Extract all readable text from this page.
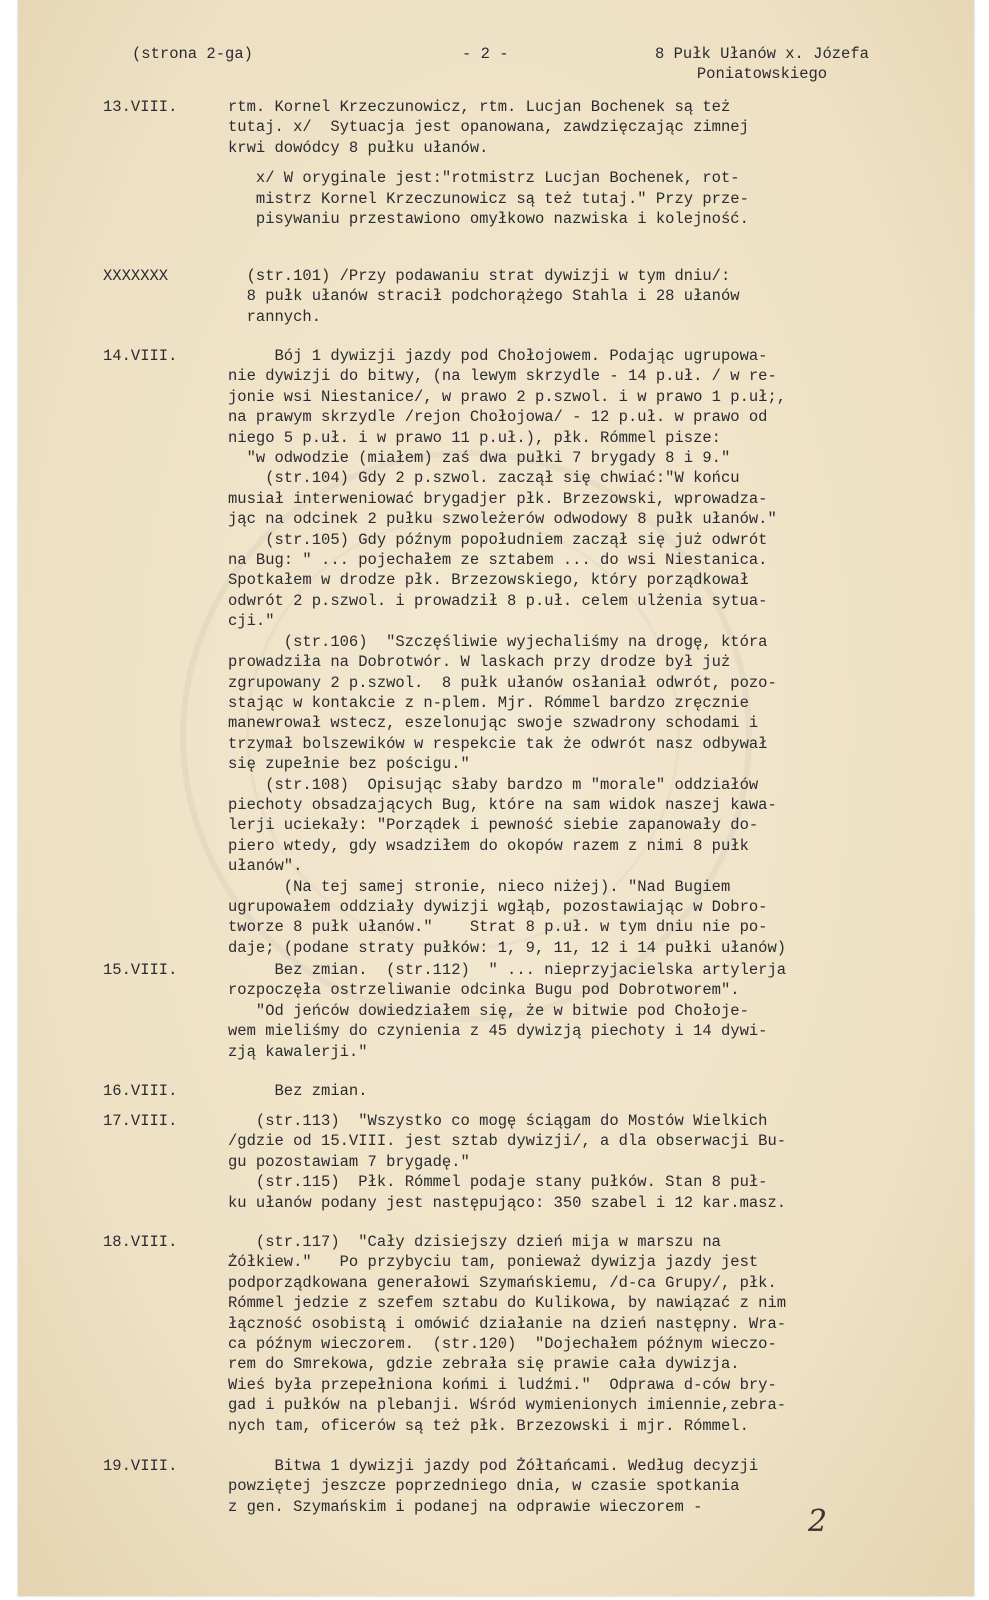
(strona 2-ga)	- 2 -	8 Pułk Ułanów x. Józefa
Poniatowskiego
13.VIII.	rtm. Kornel Krzeczunowicz, rtm. Lucjan Bochenek są też
tutaj. x/  Sytuacja jest opanowana, zawdzięczając zimnej
krwi dowódcy 8 pułku ułanów.
x/ W oryginale jest:"rotmistrz Lucjan Bochenek, rot-
mistrz Kornel Krzeczunowicz są też tutaj." Przy prze-
pisywaniu przestawiono omyłkowo nazwiska i kolejność.
XXXXXXX	(str.101) /Przy podawaniu strat dywizji w tym dniu/:
8 pułk ułanów stracił podchorążego Stahla i 28 ułanów
rannych.
14.VIII.	Bój 1 dywizji jazdy pod Chołojowem. Podając ugrupowa-
nie dywizji do bitwy, (na lewym skrzydle - 14 p.uł. / w re-
jonie wsi Niestanice/, w prawo 2 p.szwol. i w prawo 1 p.uł;,
na prawym skrzydle /rejon Chołojowa/ - 12 p.uł. w prawo od
niego 5 p.uł. i w prawo 11 p.uł.), płk. Rómmel pisze:
"w odwodzie (miałem) zaś dwa pułki 7 brygady 8 i 9."
(str.104) Gdy 2 p.szwol. zaczął się chwiać:"W końcu
musiał interweniować brygadjer płk. Brzezowski, wprowadza-
jąc na odcinek 2 pułku szwoleżerów odwodowy 8 pułk ułanów."
(str.105) Gdy późnym popołudniem zaczął się już odwrót
na Bug: " ... pojechałem ze sztabem ... do wsi Niestanica.
Spotkałem w drodze płk. Brzezowskiego, który porządkował
odwrót 2 p.szwol. i prowadził 8 p.uł. celem ulżenia sytua-
cji."
(str.106)  "Szczęśliwie wyjechaliśmy na drogę, która
prowadziła na Dobrotwór. W laskach przy drodze był już
zgrupowany 2 p.szwol.  8 pułk ułanów osłaniał odwrót, pozo-
stając w kontakcie z n-plem. Mjr. Rómmel bardzo zręcznie
manewrował wstecz, eszelonując swoje szwadrony schodami i
trzymał bolszewików w respekcie tak że odwrót nasz odbywał
się zupełnie bez pościgu."
(str.108)  Opisując słaby bardzo m "morale" oddziałów
piechoty obsadzających Bug, które na sam widok naszej kawa-
lerji uciekały: "Porządek i pewność siebie zapanowały do-
piero wtedy, gdy wsadziłem do okopów razem z nimi 8 pułk
ułanów".
(Na tej samej stronie, nieco niżej). "Nad Bugiem
ugrupowałem oddziały dywizji wgłąb, pozostawiając w Dobro-
tworze 8 pułk ułanów."    Strat 8 p.uł. w tym dniu nie po-
daje; (podane straty pułków: 1, 9, 11, 12 i 14 pułki ułanów)
15.VIII.	Bez zmian.  (str.112)  " ... nieprzyjacielska artylerja
rozpoczęła ostrzeliwanie odcinka Bugu pod Dobrotworem".
"Od jeńców dowiedziałem się, że w bitwie pod Chołoje-
wem mieliśmy do czynienia z 45 dywizją piechoty i 14 dywi-
zją kawalerji."
16.VIII.	Bez zmian.
17.VIII.	(str.113)  "Wszystko co mogę ściągam do Mostów Wielkich
/gdzie od 15.VIII. jest sztab dywizji/, a dla obserwacji Bu-
gu pozostawiam 7 brygadę."
(str.115)  Płk. Rómmel podaje stany pułków. Stan 8 puł-
ku ułanów podany jest następująco: 350 szabel i 12 kar.masz.
18.VIII.	(str.117)  "Cały dzisiejszy dzień mija w marszu na
Żółkiew."   Po przybyciu tam, ponieważ dywizja jazdy jest
podporządkowana generałowi Szymańskiemu, /d-ca Grupy/, płk.
Rómmel jedzie z szefem sztabu do Kulikowa, by nawiązać z nim
łączność osobistą i omówić działanie na dzień następny. Wra-
ca późnym wieczorem.  (str.120)  "Dojechałem późnym wieczo-
rem do Smrekowa, gdzie zebrała się prawie cała dywizja.
Wieś była przepełniona końmi i ludźmi."  Odprawa d-ców bry-
gad i pułków na plebanji. Wśród wymienionych imiennie,zebra-
nych tam, oficerów są też płk. Brzezowski i mjr. Rómmel.
19.VIII.	Bitwa 1 dywizji jazdy pod Żółtańcami. Według decyzji
powziętej jeszcze poprzedniego dnia, w czasie spotkania
z gen. Szymańskim i podanej na odprawie wieczorem -	2
